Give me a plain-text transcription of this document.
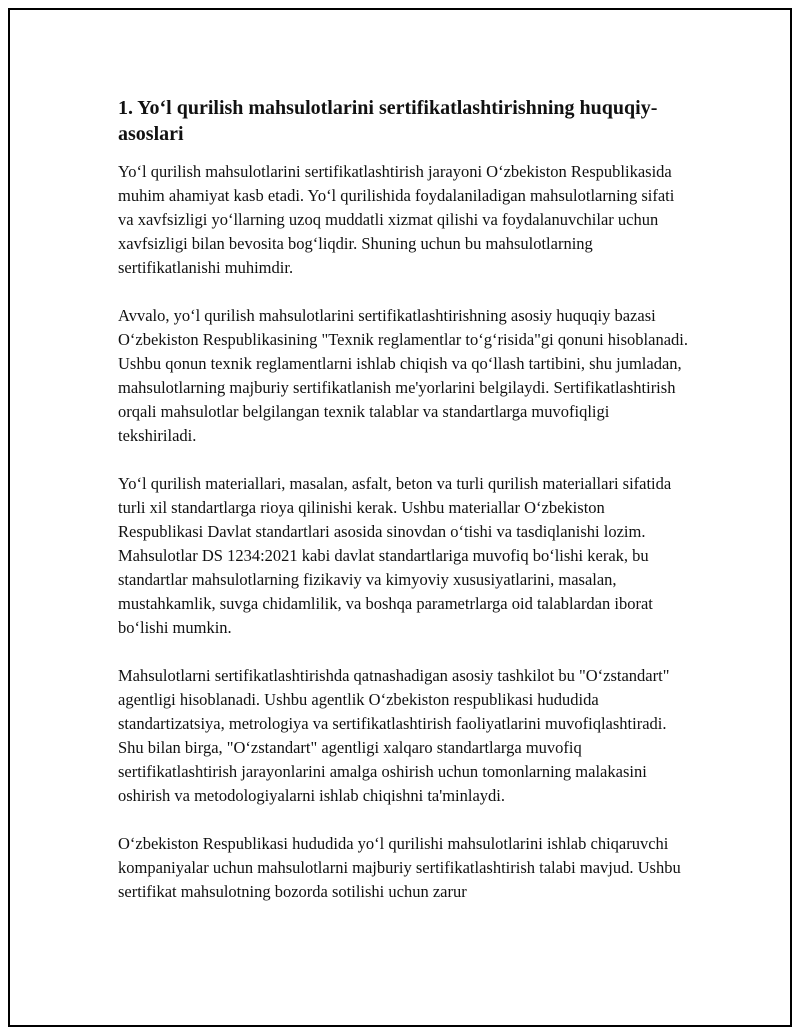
1. Yo‘l qurilish mahsulotlarini sertifikatlashtirishning huquqiy-asoslari

Yo‘l qurilish mahsulotlarini sertifikatlashtirish jarayoni O‘zbekiston Respublikasida muhim ahamiyat kasb etadi. Yo‘l qurilishida foydalaniladigan mahsulotlarning sifati va xavfsizligi yo‘llarning uzoq muddatli xizmat qilishi va foydalanuvchilar uchun xavfsizligi bilan bevosita bog‘liqdir. Shuning uchun bu mahsulotlarning sertifikatlanishi muhimdir.

Avvalo, yo‘l qurilish mahsulotlarini sertifikatlashtirishning asosiy huquqiy bazasi O‘zbekiston Respublikasining "Texnik reglamentlar to‘g‘risida"gi qonuni hisoblanadi. Ushbu qonun texnik reglamentlarni ishlab chiqish va qo‘llash tartibini, shu jumladan, mahsulotlarning majburiy sertifikatlanish me'yorlarini belgilaydi. Sertifikatlashtirish orqali mahsulotlar belgilangan texnik talablar va standartlarga muvofiqligi tekshiriladi.

Yo‘l qurilish materiallari, masalan, asfalt, beton va turli qurilish materiallari sifatida turli xil standartlarga rioya qilinishi kerak. Ushbu materiallar O‘zbekiston Respublikasi Davlat standartlari asosida sinovdan o‘tishi va tasdiqlanishi lozim. Mahsulotlar DS 1234:2021 kabi davlat standartlariga muvofiq bo‘lishi kerak, bu standartlar mahsulotlarning fizikaviy va kimyoviy xususiyatlarini, masalan, mustahkamlik, suvga chidamlilik, va boshqa parametrlarga oid talablardan iborat bo‘lishi mumkin.

Mahsulotlarni sertifikatlashtirishda qatnashadigan asosiy tashkilot bu "O‘zstandart" agentligi hisoblanadi. Ushbu agentlik O‘zbekiston respublikasi hududida standartizatsiya, metrologiya va sertifikatlashtirish faoliyatlarini muvofiqlashtiradi. Shu bilan birga, "O‘zstandart" agentligi xalqaro standartlarga muvofiq sertifikatlashtirish jarayonlarini amalga oshirish uchun tomonlarning malakasini oshirish va metodologiyalarni ishlab chiqishni ta'minlaydi.

O‘zbekiston Respublikasi hududida yo‘l qurilishi mahsulotlarini ishlab chiqaruvchi kompaniyalar uchun mahsulotlarni majburiy sertifikatlashtirish talabi mavjud. Ushbu sertifikat mahsulotning bozorda sotilishi uchun zarur
